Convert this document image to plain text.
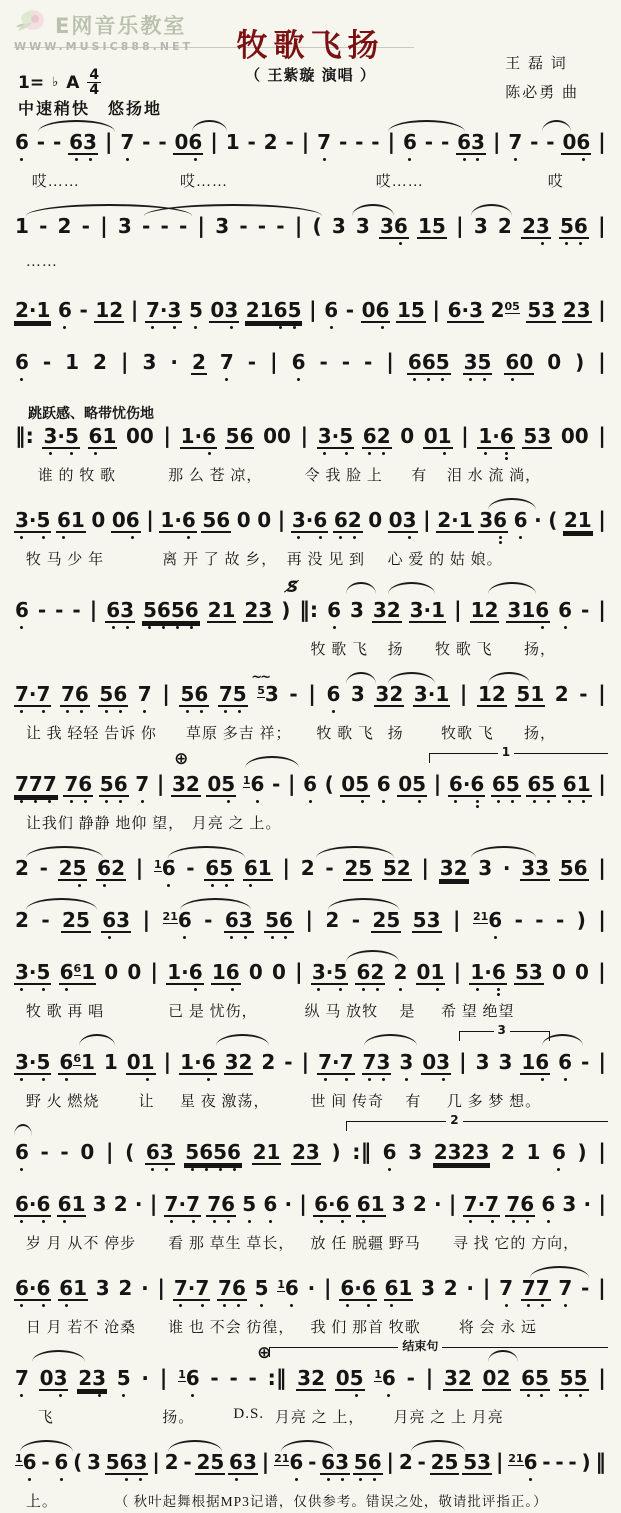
E网音乐教室
WWW.MUSIC888.NET	牧歌飞扬
（ 王紫璇 演唱 ）
王 磊 词
陈必勇 曲
1= ♭ A $\frac{4}{4}$
中速稍快　悠扬地
6 - - 63 | 7 - - 06 | 1 - 2 - | 7 - - - | 6 - - 63 | 7 - - 06 |
哎……	哎……	哎……	哎
1 - 2 - | 3 - - - | 3 - - - | ( 3 3 36 15 | 3 2 23 56 |
……
2·1 6 - 12 | 7·3 5 03 2165 | 6 - 06 15 | 6·3 $2^{05}$ 53 23 |
6 - 1 2 | 3 · 2 7 - | 6 - - - | 665 35 60 0 ) |
跳跃感、略带忧伤地
‖: 3·5 61 00 | 1·6 56 00 | 3·5 62 0 01 | 1·6 53 00 |
谁 的 牧 歌	那 么 苍 凉，	令 我 脸 上 有 泪 水 流 淌，
3·5 61 0 06 | 1·6 56 0 0 | 3·6 62 0 03 | 2·1 36 6 · ( 21 |
牧 马 少 年	离 开 了 故 乡， 再 没 见 到 心 爱 的 姑 娘。
S̸
6 - - - | 63 5656 21 23 ) ‖: 6 3 32 3·1 | 12 316 6 - |
牧 歌 飞 扬 牧 歌 飞 扬，
~~
7·7 76 56 7 | 56 75 $^5$3 - | 6 3 32 3·1 | 12 51 2 - |
让 我 轻轻 告诉 你 草原 多吉 祥； 牧 歌 飞 扬 牧歌 飞 扬，
⊕	1
777 76 56 7 | 32 05 $^1$6 - | 6 ( 05 6 05 | 6·6 65 65 61 |
让我们 静静 地仰 望， 月亮 之 上。
2 - 25 62 | $^1$6 - 65 61 | 2 - 25 52 | 32 3 · 33 56 |
2 - 25 63 | $^{21}$6 - 63 56 | 2 - 25 53 | $^{21}$6 - - - ) |
3·5 $6^61$ 0 0 | 1·6 16 0 0 | 3·5 62 2 01 | 1·6 53 0 0 |
牧 歌 再 唱	已 是 忧伤，	纵 马 放牧 是 希 望 绝望
3
3·5 $6^61$ 1 01 | 1·6 32 2 - | 7·7 73 3 03 | 3 3 16 6 - |
野 火 燃烧	让 星 夜 激荡，	世 间 传奇 有 几 多 梦 想。
2
6 - - 0 | ( 63 5656 21 23 ) :‖ 6 3 2323 2 1 6 ) |
6·6 61 3 2 · | 7·7 76 5 6 · | 6·6 61 3 2 · | 7·7 76 6 3 · |
岁 月 从不 停步 看 那 草生 草长， 放 任 脱疆 野马 寻 找 它的 方向，
6·6 61 3 2 · | 7·7 76 5 $^1$6 · | 6·6 61 3 2 · | 7 77 7 - |
日 月 若不 沧桑 谁 也 不会 彷徨， 我 们 那首 牧歌	将 会 永 远
⊕	结束句
7 03 23 5 · | $^1$6 - - - :‖ 32 05 $^1$6 - | 32 02 65 55 |
飞	扬。	D.S. 月亮 之 上， 月亮 之 上 月亮
$^1$6 - 6 ( 3 563 | 2 - 25 63 | $^{21}$6 - 63 56 | 2 - 25 53 | $^{21}$6 - - - ) ‖
上。	（ 秋叶起舞根据MP3记谱，仅供参考。错误之处，敬请批评指正。）
